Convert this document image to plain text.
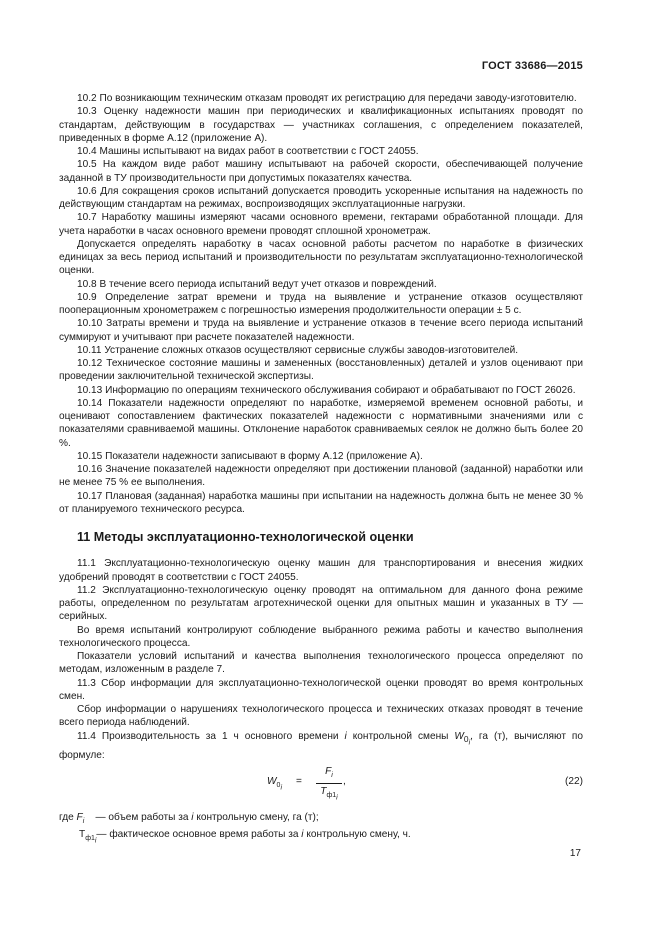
ГОСТ 33686—2015

10.2 По возникающим техническим отказам проводят их регистрацию для передачи заводу-изготовителю.

10.3 Оценку надежности машин при периодических и квалификационных испытаниях проводят по стандартам, действующим в государствах — участниках соглашения, с определением показателей, приведенных в форме А.12 (приложение А).

10.4 Машины испытывают на видах работ в соответствии с ГОСТ 24055.

10.5 На каждом виде работ машину испытывают на рабочей скорости, обеспечивающей получение заданной в ТУ производительности при допустимых показателях качества.

10.6 Для сокращения сроков испытаний допускается проводить ускоренные испытания на надежность по действующим стандартам на режимах, воспроизводящих эксплуатационные нагрузки.

10.7 Наработку машины измеряют часами основного времени, гектарами обработанной площади. Для учета наработки в часах основного времени проводят сплошной хронометраж.

Допускается определять наработку в часах основной работы расчетом по наработке в физических единицах за весь период испытаний и производительности по результатам эксплуатационно-технологической оценки.

10.8 В течение всего периода испытаний ведут учет отказов и повреждений.

10.9 Определение затрат времени и труда на выявление и устранение отказов осуществляют пооперационным хронометражем с погрешностью измерения продолжительности операции ± 5 с.

10.10 Затраты времени и труда на выявление и устранение отказов в течение всего периода испытаний суммируют и учитывают при расчете показателей надежности.

10.11 Устранение сложных отказов осуществляют сервисные службы заводов-изготовителей.

10.12 Техническое состояние машины и замененных (восстановленных) деталей и узлов оценивают при проведении заключительной технической экспертизы.

10.13 Информацию по операциям технического обслуживания собирают и обрабатывают по ГОСТ 26026.

10.14 Показатели надежности определяют по наработке, измеряемой временем основной работы, и оценивают сопоставлением фактических показателей надежности с нормативными значениями или с показателями сравниваемой машины. Отклонение наработок сравниваемых сеялок не должно быть более 20 %.

10.15 Показатели надежности записывают в форму А.12 (приложение А).

10.16 Значение показателей надежности определяют при достижении плановой (заданной) наработки или не менее 75 % ее выполнения.

10.17 Плановая (заданная) наработка машины при испытании на надежность должна быть не менее 30 % от планируемого технического ресурса.

11 Методы эксплуатационно-технологической оценки

11.1 Эксплуатационно-технологическую оценку машин для транспортирования и внесения жидких удобрений проводят в соответствии с ГОСТ 24055.

11.2 Эксплуатационно-технологическую оценку проводят на оптимальном для данного фона режиме работы, определенном по результатам агротехнической оценки для опытных машин и указанных в ТУ — серийных.

Во время испытаний контролируют соблюдение выбранного режима работы и качество выполнения технологического процесса.

Показатели условий испытаний и качества выполнения технологического процесса определяют по методам, изложенным в разделе 7.

11.3 Сбор информации для эксплуатационно-технологической оценки проводят во время контрольных смен.

Сбор информации о нарушениях технологического процесса и технических отказах проводят в течение всего периода наблюдений.

11.4 Производительность за 1 ч основного времени i контрольной смены $W_{0_i}$, га (т), вычисляют по формуле:

$W_{0_i}$
=
$F_i$
$T_{ф1_i}$
,	(22)
где $F_i$ — объем работы за i контрольную смену, га (т);
$T_{ф1_i}—$ фактическое основное время работы за i контрольную смену, ч.
17
